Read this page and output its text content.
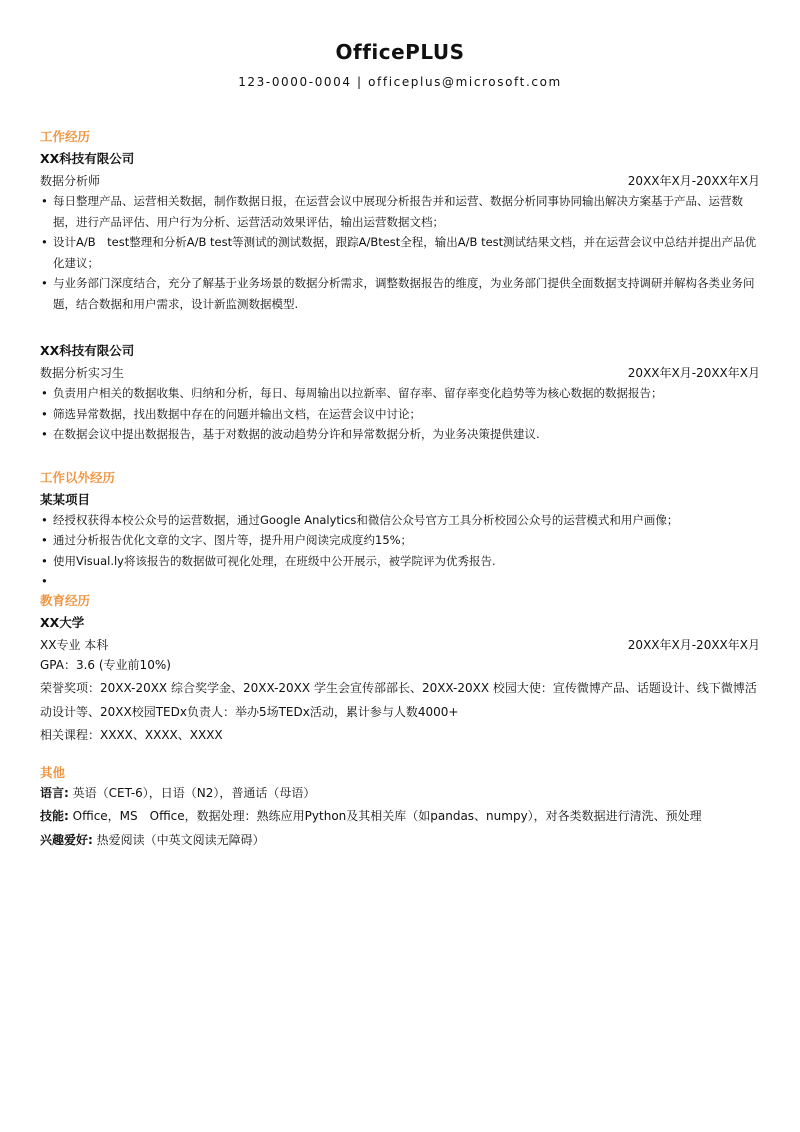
OfficePLUS
123-0000-0004 | officeplus@microsoft.com
工作经历
XX科技有限公司
数据分析师	20XX年X月-20XX年X月
• 每日整理产品、运营相关数据，制作数据日报，在运营会议中展现分析报告并和运营、数据分析同事协同输出解决方案基于产品、运营数据，进行产品评估、用户行为分析、运营活动效果评估，输出运营数据文档；
• 设计A/B　test整理和分析A/B test等测试的测试数据，跟踪A/Btest全程，输出A/B test测试结果文档，并在运营会议中总结并提出产品优化建议；
• 与业务部门深度结合，充分了解基于业务场景的数据分析需求，调整数据报告的维度，为业务部门提供全面数据支持调研并解构各类业务问题，结合数据和用户需求，设计新监测数据模型.
XX科技有限公司
数据分析实习生	20XX年X月-20XX年X月
• 负责用户相关的数据收集、归纳和分析，每日、每周输出以拉新率、留存率、留存率变化趋势等为核心数据的数据报告；
• 筛选异常数据，找出数据中存在的问题并输出文档，在运营会议中讨论；
• 在数据会议中提出数据报告，基于对数据的波动趋势分许和异常数据分析，为业务决策提供建议.
工作以外经历
某某项目
• 经授权获得本校公众号的运营数据，通过Google Analytics和微信公众号官方工具分析校园公众号的运营模式和用户画像；
• 通过分析报告优化文章的文字、图片等，提升用户阅读完成度约15%；
• 使用Visual.ly将该报告的数据做可视化处理，在班级中公开展示，被学院评为优秀报告.
•
教育经历
XX大学
XX专业 本科	20XX年X月-20XX年X月
GPA：3.6 (专业前10%)
荣誉奖项：20XX-20XX 综合奖学金、20XX-20XX 学生会宣传部部长、20XX-20XX 校园大使：宣传微博产品、话题设计、线下微博活动设计等、20XX校园TEDx负责人：举办5场TEDx活动，累计参与人数4000+
相关课程：XXXX、XXXX、XXXX
其他
语言: 英语（CET-6），日语（N2），普通话（母语）
技能: Office，MS　Office，数据处理：熟练应用Python及其相关库（如pandas、numpy），对各类数据进行清洗、预处理
兴趣爱好: 热爱阅读（中英文阅读无障碍）
